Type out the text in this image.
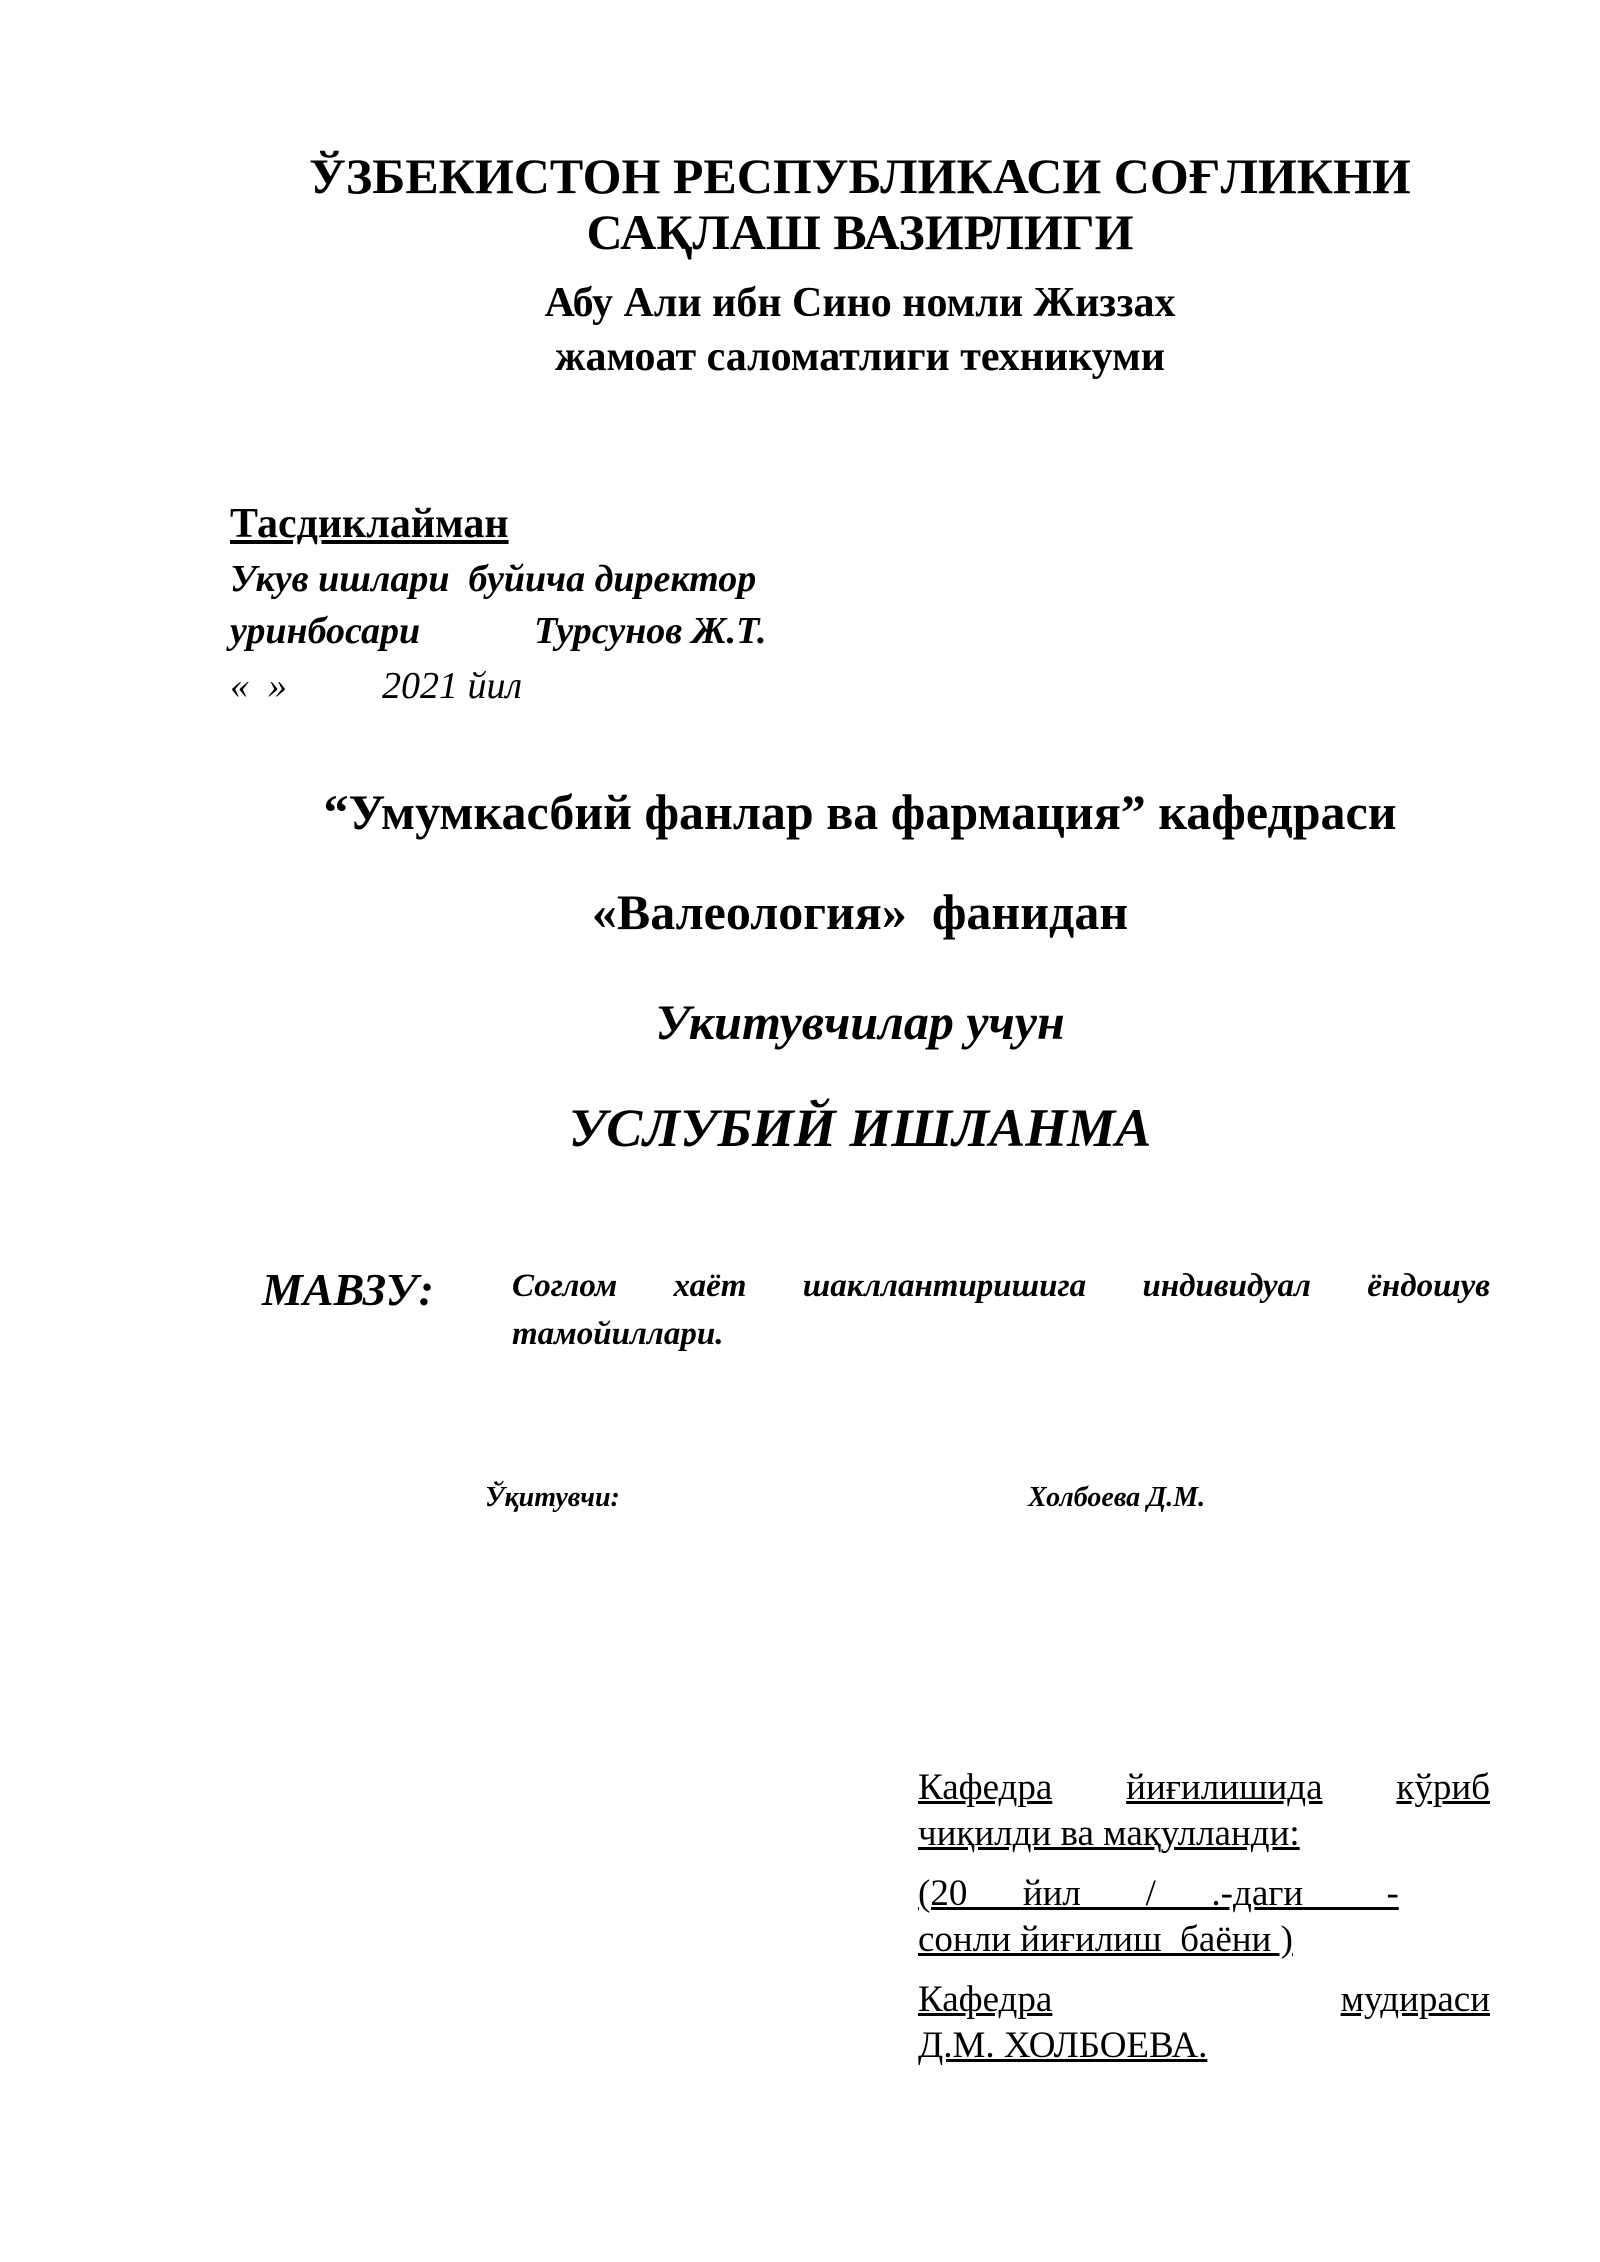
ЎЗБЕКИСТОН РЕСПУБЛИКАСИ СОҒЛИКНИ
САҚЛАШ ВАЗИРЛИГИ
Абу Али ибн Сино номли Жиззах
жамоат саломатлиги техникуми
Тасдиклайман
Укув ишлари  буйича директор
уринбосари            Турсунов Ж.Т.
«  »          2021 йил
“Умумкасбий фанлар ва фармация” кафедраси
«Валеология»  фанидан
Укитувчилар учун
УСЛУБИЙ ИШЛАНМА
МАВЗУ: Соглом хаёт шакллантиришига индивидуал ёндошув тамойиллари.
Ўқитувчи:	Холбоева Д.М.
Кафедра йиғилишида кўриб
чиқилди ва мақулланди:
(20___йил ___/___.-даги ____-
сонли йиғилиш  баёни )
Кафедра	мудираси
Д.М. ХОЛБОЕВА.
